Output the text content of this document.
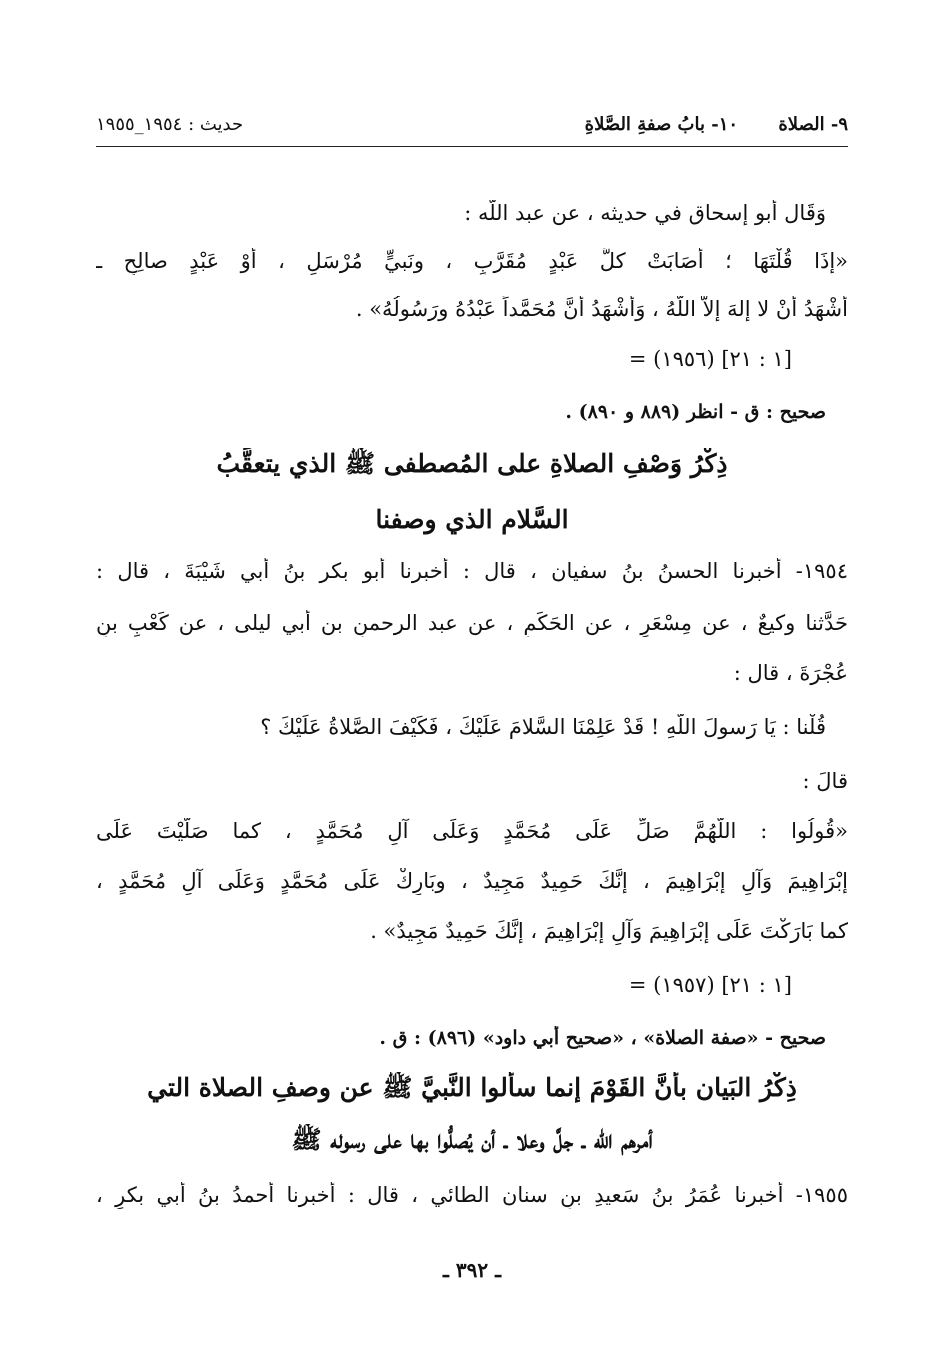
٩- الصلاة ١٠- بابُ صفةِ الصَّلاةِ
حديث : ١٩٥٤_١٩٥٥
وَقَال أبو إسحاق في حديثه ، عن عبد اللّه :
«إذَا قُلْتَهَا ؛ أصَابَتْ كلَّ عَبْدٍ مُقَرَّبٍ ، ونَبيٍّ مُرْسَلٍ ، أوْ عَبْدٍ صالِحٍ ـ
أَشْهَدُ أَنْ لا إلهَ إلاّ اللّهُ ، وَأَشْهَدُ أَنَّ مُحَمَّداً عَبْدُهُ ورَسُولُهُ» .
= (١٩٥٦) [١ : ٢١]
صحيح : ق - انظر (٨٨٩ و ٨٩٠) .
ذِكْرُ وَصْفِ الصلاةِ على المُصطفى ﷺ الذي يتعقَّبُ
السَّلام الذي وصفنا
١٩٥٤- أخبرنا الحسنُ بنُ سفيان ، قال : أخبرنا أبو بكر بنُ أبي شَيْبَةَ ، قال :
حَدَّثنا وكيعٌ ، عن مِسْعَرٍ ، عن الحَكَمِ ، عن عبد الرحمنِ بن أبي ليلى ، عن كَعْبِ بنِ
عُجْرَةَ ، قال :
قُلْنا : يَا رَسولَ اللّهِ ! قَدْ عَلِمْنَا السَّلامَ عَلَيْكَ ، فَكَيْفَ الصَّلاةُ عَلَيْكَ ؟
قالَ :
«قُولُوا : اللَّهُمَّ صَلِّ عَلَى مُحَمَّدٍ وَعَلَى آلِ مُحَمَّدٍ ، كما صَلَّيْتَ عَلَى
إبْرَاهِيمَ وَآلِ إبْرَاهِيمَ ، إنَّكَ حَمِيدٌ مَجِيدٌ ، وبَارِكْ عَلَى مُحَمَّدٍ وَعَلَى آلِ مُحَمَّدٍ ،
كما بَارَكْتَ عَلَى إبْرَاهِيمَ وَآلِ إبْرَاهِيمَ ، إنَّكَ حَمِيدٌ مَجِيدٌ» .
= (١٩٥٧) [١ : ٢١]
صحيح - «صفة الصلاة» ، «صحيح أبي داود» (٨٩٦) : ق .
ذِكْرُ البَيان بأنَّ القَوْمَ إنما سألوا النَّبيَّ ﷺ عن وصفِ الصلاة التي
أمرهم اللّه ـ جلَّ وعلا ـ أن يُصلُّوا بها على رسوله ﷺ
١٩٥٥- أخبرنا عُمَرُ بنُ سَعيدِ بنِ سنان الطائي ، قال : أخبرنا أحمدُ بنُ أبي بكرٍ ،
ـ ٣٩٢ ـ
